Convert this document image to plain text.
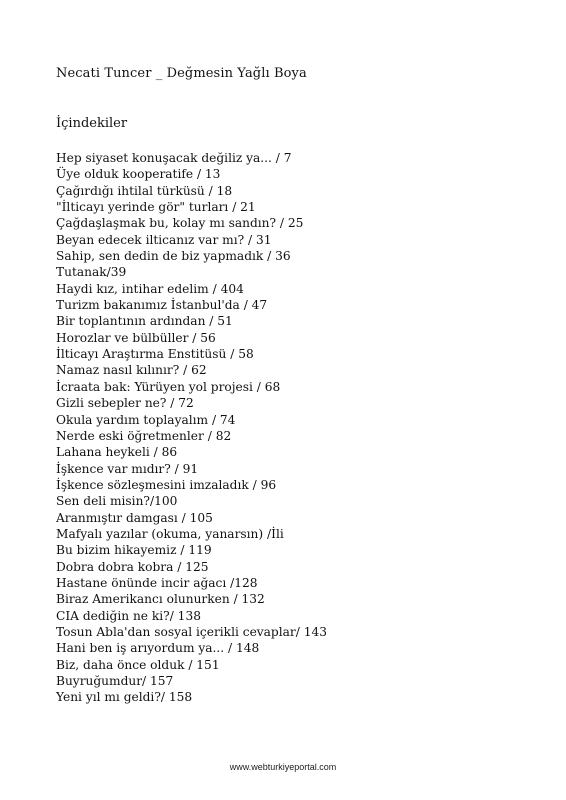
Necati Tuncer _ Değmesin Yağlı Boya
İçindekiler
Hep siyaset konuşacak değiliz ya... / 7
Üye olduk kooperatife / 13
Çağırdığı ihtilal türküsü / 18
"İlticayı yerinde gör" turları / 21
Çağdaşlaşmak bu, kolay mı sandın? / 25
Beyan edecek ilticanız var mı? / 31
Sahip, sen dedin de biz yapmadık / 36
Tutanak/39
Haydi kız, intihar edelim / 404
Turizm bakanımız İstanbul'da / 47
Bir toplantının ardından / 51
Horozlar ve bülbüller / 56
İlticayı Araştırma Enstitüsü / 58
Namaz nasıl kılınır? / 62
İcraata bak: Yürüyen yol projesi / 68
Gizli sebepler ne? / 72
Okula yardım toplayalım / 74
Nerde eski öğretmenler / 82
Lahana heykeli / 86
İşkence var mıdır? / 91
İşkence sözleşmesini imzaladık / 96
Sen deli misin?/100
Aranmıştır damgası / 105
Mafyalı yazılar (okuma, yanarsın) /İli
Bu bizim hikayemiz / 119
Dobra dobra kobra / 125
Hastane önünde incir ağacı /128
Biraz Amerikancı olunurken / 132
CIA dediğin ne ki?/ 138
Tosun Abla'dan sosyal içerikli cevaplar/ 143
Hani ben iş arıyordum ya... / 148
Biz, daha önce olduk / 151
Buyruğumdur/ 157
Yeni yıl mı geldi?/ 158
www.webturkiyeportal.com
